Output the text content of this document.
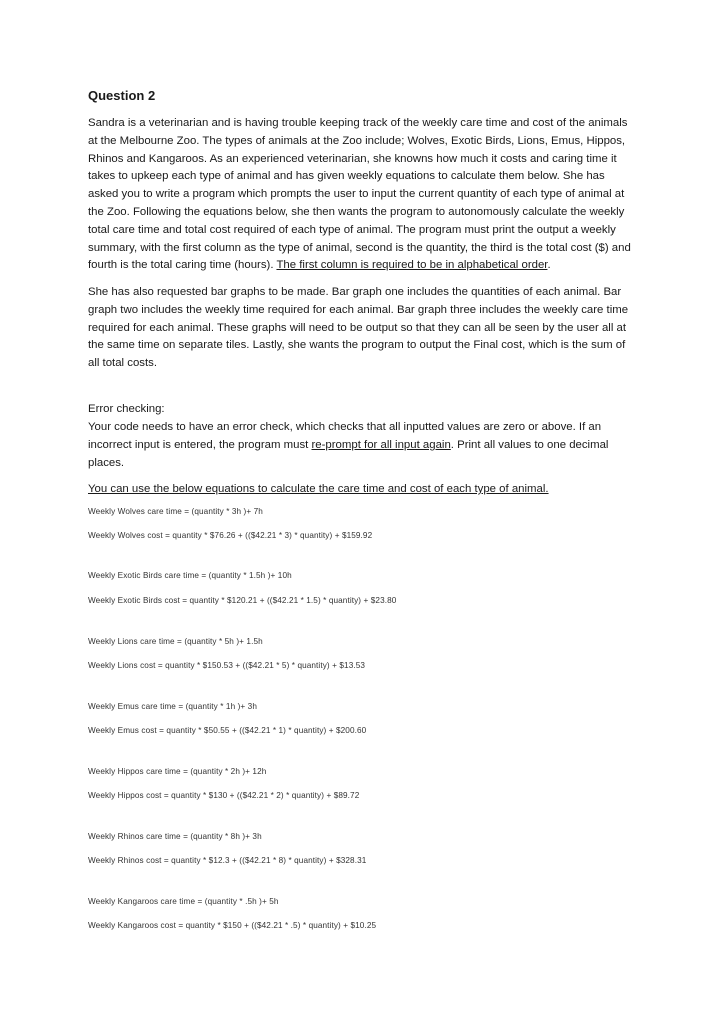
Question 2

Sandra is a veterinarian and is having trouble keeping track of the weekly care time and cost of the animals at the Melbourne Zoo. The types of animals at the Zoo include; Wolves, Exotic Birds, Lions, Emus, Hippos, Rhinos and Kangaroos. As an experienced veterinarian, she knowns how much it costs and caring time it takes to upkeep each type of animal and has given weekly equations to calculate them below. She has asked you to write a program which prompts the user to input the current quantity of each type of animal at the Zoo. Following the equations below, she then wants the program to autonomously calculate the weekly total care time and total cost required of each type of animal. The program must print the output a weekly summary, with the first column as the type of animal, second is the quantity, the third is the total cost ($) and fourth is the total caring time (hours). The first column is required to be in alphabetical order.

She has also requested bar graphs to be made. Bar graph one includes the quantities of each animal. Bar graph two includes the weekly time required for each animal. Bar graph three includes the weekly care time required for each animal. These graphs will need to be output so that they can all be seen by the user all at the same time on separate tiles. Lastly, she wants the program to output the Final cost, which is the sum of all total costs.

Error checking:

Your code needs to have an error check, which checks that all inputted values are zero or above. If an incorrect input is entered, the program must re-prompt for all input again. Print all values to one decimal places.

You can use the below equations to calculate the care time and cost of each type of animal.

Weekly Wolves care time = (quantity * 3h )+ 7h
Weekly Wolves cost = quantity * $76.26 + (($42.21 * 3) * quantity) + $159.92
Weekly Exotic Birds care time = (quantity * 1.5h )+ 10h
Weekly Exotic Birds cost = quantity * $120.21 + (($42.21 * 1.5) * quantity) + $23.80
Weekly Lions care time = (quantity * 5h )+ 1.5h
Weekly Lions cost = quantity * $150.53 + (($42.21 * 5) * quantity) + $13.53
Weekly Emus care time = (quantity * 1h )+ 3h
Weekly Emus cost = quantity * $50.55 + (($42.21 * 1) * quantity) + $200.60
Weekly Hippos care time = (quantity * 2h )+ 12h
Weekly Hippos cost = quantity * $130 + (($42.21 * 2) * quantity) + $89.72
Weekly Rhinos care time = (quantity * 8h )+ 3h
Weekly Rhinos cost = quantity * $12.3 + (($42.21 * 8) * quantity) + $328.31
Weekly Kangaroos care time = (quantity * .5h )+ 5h
Weekly Kangaroos cost = quantity * $150 + (($42.21 * .5) * quantity) + $10.25
